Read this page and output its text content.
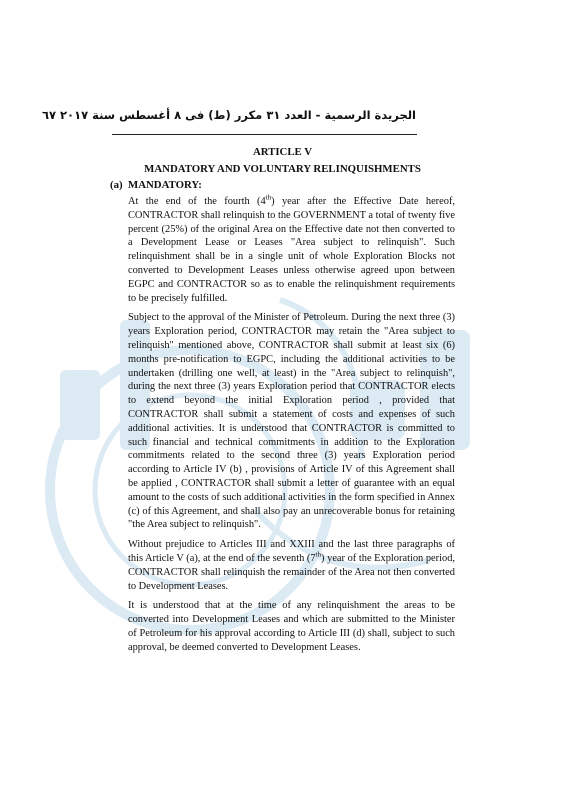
الجريدة الرسمية - العدد ٣١ مكرر (ط) فى ٨ أغسطس سنة ٢٠١٧ ٦٧
ARTICLE V
MANDATORY AND VOLUNTARY RELINQUISHMENTS
(a) MANDATORY:

At the end of the fourth (4th) year after the Effective Date hereof, CONTRACTOR shall relinquish to the GOVERNMENT a total of twenty five percent (25%) of the original Area on the Effective date not then converted to a Development Lease or Leases "Area subject to relinquish". Such relinquishment shall be in a single unit of whole Exploration Blocks not converted to Development Leases unless otherwise agreed upon between EGPC and CONTRACTOR so as to enable the relinquishment requirements to be precisely fulfilled.

Subject to the approval of the Minister of Petroleum. During the next three (3) years Exploration period, CONTRACTOR may retain the "Area subject to relinquish" mentioned above, CONTRACTOR shall submit at least six (6) months pre-notification to EGPC, including the additional activities to be undertaken (drilling one well, at least) in the "Area subject to relinquish", during the next three (3) years Exploration period that CONTRACTOR elects to extend beyond the initial Exploration period , provided that CONTRACTOR shall submit a statement of costs and expenses of such additional activities. It is understood that CONTRACTOR is committed to such financial and technical commitments in addition to the Exploration commitments related to the second three (3) years Exploration period according to Article IV (b) , provisions of Article IV of this Agreement shall be applied , CONTRACTOR shall submit a letter of guarantee with an equal amount to the costs of such additional activities in the form specified in Annex (c) of this Agreement, and shall also pay an unrecoverable bonus for retaining "the Area subject to relinquish".

Without prejudice to Articles III and XXIII and the last three paragraphs of this Article V (a), at the end of the seventh (7th) year of the Exploration period, CONTRACTOR shall relinquish the remainder of the Area not then converted to Development Leases.

It is understood that at the time of any relinquishment the areas to be converted into Development Leases and which are submitted to the Minister of Petroleum for his approval according to Article III (d) shall, subject to such approval, be deemed converted to Development Leases.
